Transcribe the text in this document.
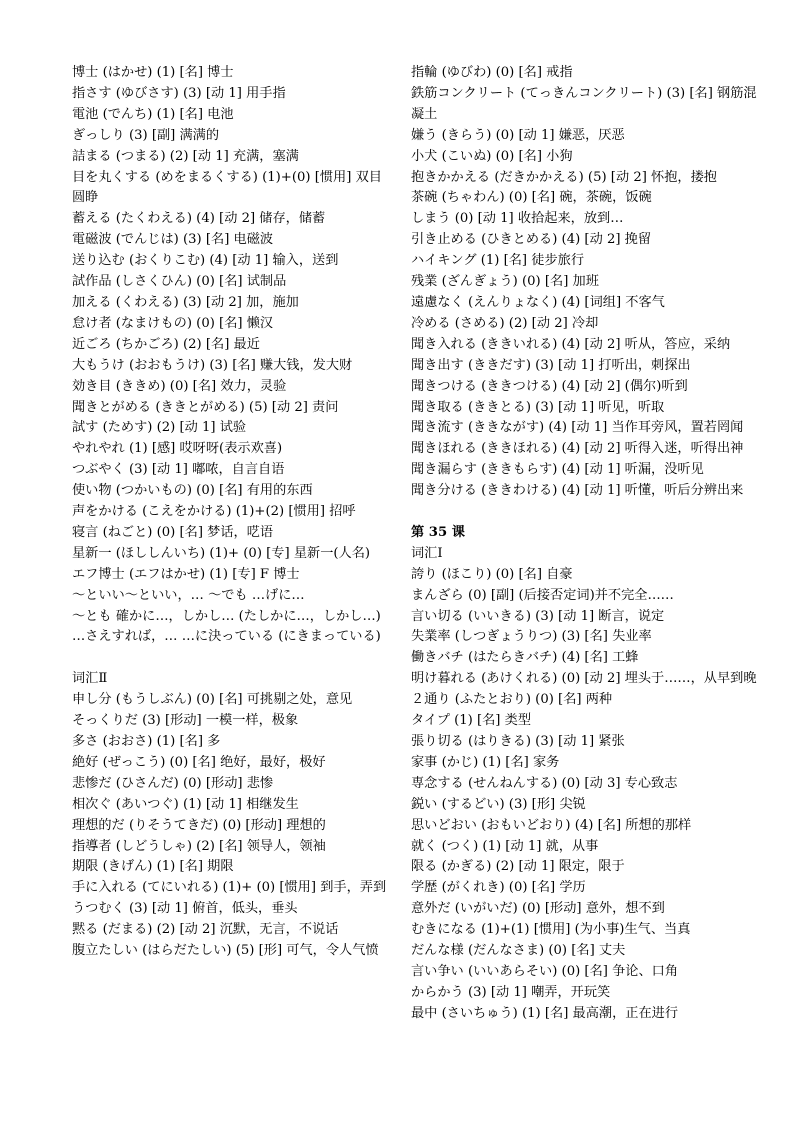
博士 (はかせ) (1) [名] 博士
指さす (ゆびさす) (3) [动 1] 用手指
電池 (でんち) (1) [名] 电池
ぎっしり (3) [副] 满满的
詰まる (つまる) (2) [动 1] 充满，塞满
目を丸くする (めをまるくする) (1)+(0) [惯用] 双目圆睁
蓄える (たくわえる) (4) [动 2] 储存，储蓄
電磁波 (でんじは) (3) [名] 电磁波
送り込む (おくりこむ) (4) [动 1] 输入，送到
試作品 (しさくひん) (0) [名] 试制品
加える (くわえる) (3) [动 2] 加，施加
怠け者 (なまけもの) (0) [名] 懒汉
近ごろ (ちかごろ) (2) [名] 最近
大もうけ (おおもうけ) (3) [名] 赚大钱，发大财
効き目 (ききめ) (0) [名] 效力，灵验
聞きとがめる (ききとがめる) (5) [动 2] 责问
試す (ためす) (2) [动 1] 试验
やれやれ (1) [感] 哎呀呀(表示欢喜)
つぶやく (3) [动 1] 嘟哝，自言自语
使い物 (つかいもの) (0) [名] 有用的东西
声をかける (こえをかける) (1)+(2) [惯用] 招呼
寝言 (ねごと) (0) [名] 梦话，呓语
星新一 (ほししんいち) (1)+ (0) [专] 星新一(人名)
エフ博士 (エフはかせ) (1) [专] F 博士
〜といい〜といい，… 〜でも …げに…
〜とも 確かに…，しかし… (たしかに…，しかし…)
…さえすれば，… …に決っている (にきまっている)
词汇Ⅱ
申し分 (もうしぶん) (0) [名] 可挑剔之处，意见
そっくりだ (3) [形动] 一模一样，极象
多さ (おおさ) (1) [名] 多
絶好 (ぜっこう) (0) [名] 绝好，最好，极好
悲惨だ (ひさんだ) (0) [形动] 悲惨
相次ぐ (あいつぐ) (1) [动 1] 相继发生
理想的だ (りそうてきだ) (0) [形动] 理想的
指導者 (しどうしゃ) (2) [名] 领导人，领袖
期限 (きげん) (1) [名] 期限
手に入れる (てにいれる) (1)+ (0) [惯用] 到手，弄到
うつむく (3) [动 1] 俯首，低头，垂头
黙る (だまる) (2) [动 2] 沉默，无言，不说话
腹立たしい (はらだたしい) (5) [形] 可气，令人气愤
指輪 (ゆびわ) (0) [名] 戒指
鉄筋コンクリート (てっきんコンクリート) (3) [名] 钢筋混凝土
嫌う (きらう) (0) [动 1] 嫌恶，厌恶
小犬 (こいぬ) (0) [名] 小狗
抱きかかえる (だきかかえる) (5) [动 2] 怀抱，搂抱
茶碗 (ちゃわん) (0) [名] 碗，茶碗，饭碗
しまう (0) [动 1] 收拾起来，放到…
引き止める (ひきとめる) (4) [动 2] 挽留
ハイキング (1) [名] 徒步旅行
残業 (ざんぎょう) (0) [名] 加班
遠慮なく (えんりょなく) (4) [词组] 不客气
冷める (さめる) (2) [动 2] 冷却
聞き入れる (ききいれる) (4) [动 2] 听从，答应，采纳
聞き出す (ききだす) (3) [动 1] 打听出，刺探出
聞きつける (ききつける) (4) [动 2] (偶尔)听到
聞き取る (ききとる) (3) [动 1] 听见，听取
聞き流す (ききながす) (4) [动 1] 当作耳旁风，置若罔闻
聞きほれる (ききほれる) (4) [动 2] 听得入迷，听得出神
聞き漏らす (ききもらす) (4) [动 1] 听漏，没听见
聞き分ける (ききわける) (4) [动 1] 听懂，听后分辨出来
第 35 课
词汇Ⅰ
誇り (ほこり) (0) [名] 自豪
まんざら (0) [副] (后接否定词)并不完全……
言い切る (いいきる) (3) [动 1] 断言，说定
失業率 (しつぎょうりつ) (3) [名] 失业率
働きバチ (はたらきバチ) (4) [名] 工蜂
明け暮れる (あけくれる) (0) [动 2] 埋头于……，从早到晚
２通り (ふたとおり) (0) [名] 两种
タイプ (1) [名] 类型
張り切る (はりきる) (3) [动 1] 紧张
家事 (かじ) (1) [名] 家务
専念する (せんねんする) (0) [动 3] 专心致志
鋭い (するどい) (3) [形] 尖锐
思いどおい (おもいどおり) (4) [名] 所想的那样
就く (つく) (1) [动 1] 就，从事
限る (かぎる) (2) [动 1] 限定，限于
学歴 (がくれき) (0) [名] 学历
意外だ (いがいだ) (0) [形动] 意外，想不到
むきになる (1)+(1) [惯用] (为小事)生气、当真
だんな様 (だんなさま) (0) [名] 丈夫
言い争い (いいあらそい) (0) [名] 争论、口角
からかう (3) [动 1] 嘲弄，开玩笑
最中 (さいちゅう) (1) [名] 最高潮，正在进行
